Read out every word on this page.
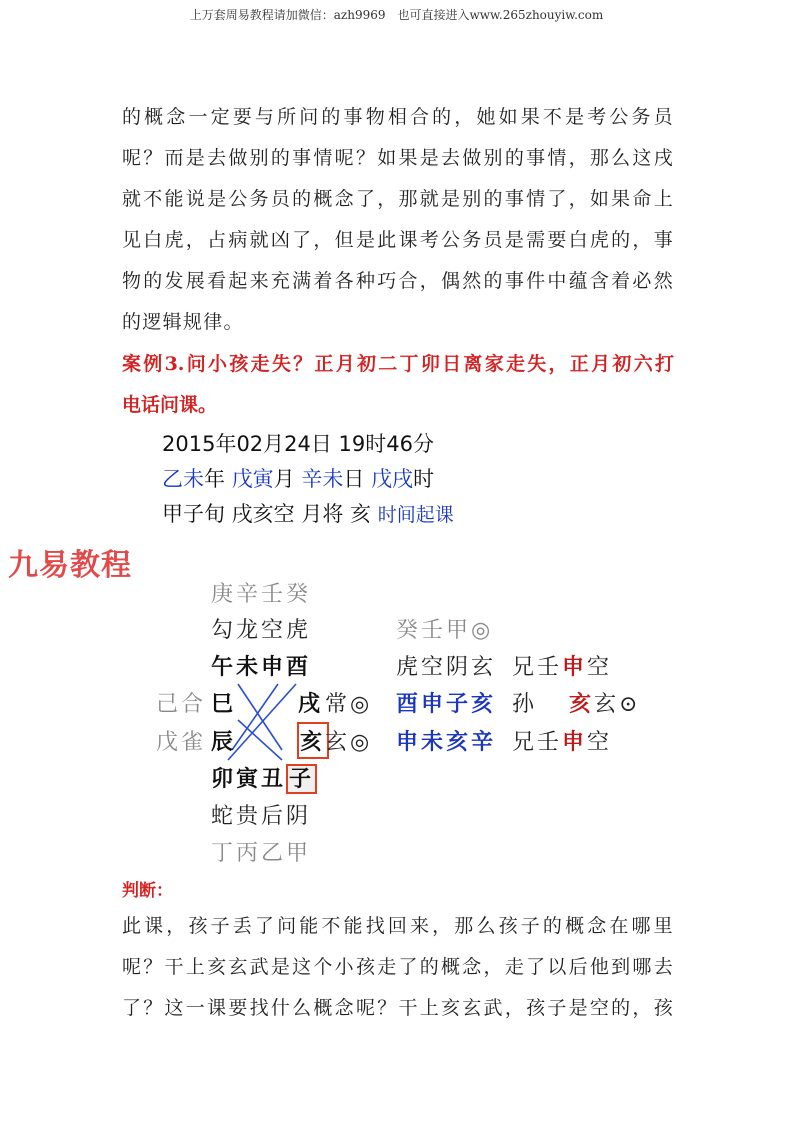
上万套周易教程请加微信：azh9969　也可直接进入www.265zhouyiw.com
的概念一定要与所问的事物相合的，她如果不是考公务员
呢？而是去做别的事情呢？如果是去做别的事情，那么这戌
就不能说是公务员的概念了，那就是别的事情了，如果命上
见白虎，占病就凶了，但是此课考公务员是需要白虎的，事
物的发展看起来充满着各种巧合，偶然的事件中蕴含着必然
的逻辑规律。
案例3.问小孩走失？正月初二丁卯日离家走失，正月初六打
电话问课。
2015年02月24日 19时46分
乙未年 戊寅月 辛未日 戊戌时
甲子旬 戌亥空 月将 亥 时间起课
九易教程
庚辛壬癸
勾龙空虎
午未申酉
己合 巳	戌 常◎
戊雀 辰	亥 玄◎
卯寅丑 子
蛇贵后阴
丁丙乙甲
癸壬甲◎
虎空阴玄 兄壬申空
酉申子亥 孙 亥玄⊙
申未亥辛 兄壬申空
判断：
此课，孩子丢了问能不能找回来，那么孩子的概念在哪里
呢？干上亥玄武是这个小孩走了的概念，走了以后他到哪去
了？这一课要找什么概念呢？干上亥玄武，孩子是空的，孩
